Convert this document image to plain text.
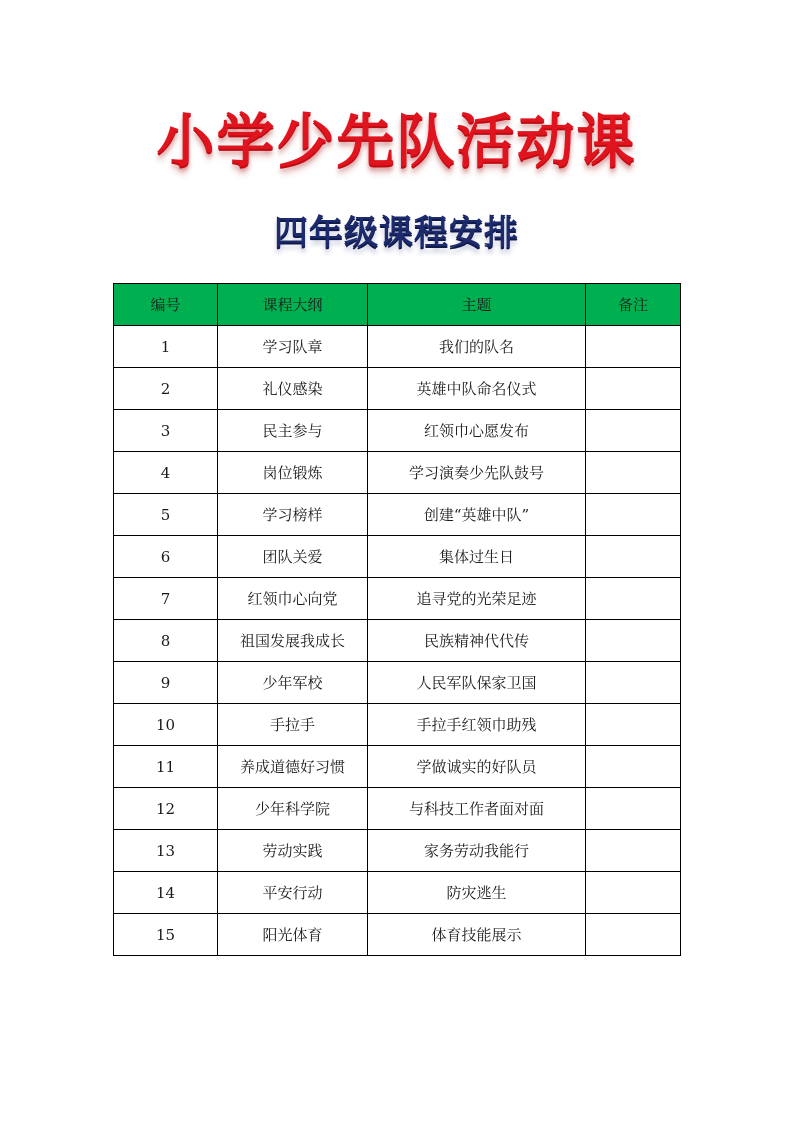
小学少先队活动课
四年级课程安排
编号	课程大纲	主题	备注
1	学习队章	我们的队名	
2	礼仪感染	英雄中队命名仪式	
3	民主参与	红领巾心愿发布	
4	岗位锻炼	学习演奏少先队鼓号	
5	学习榜样	创建“英雄中队”	
6	团队关爱	集体过生日	
7	红领巾心向党	追寻党的光荣足迹	
8	祖国发展我成长	民族精神代代传	
9	少年军校	人民军队保家卫国	
10	手拉手	手拉手红领巾助残	
11	养成道德好习惯	学做诚实的好队员	
12	少年科学院	与科技工作者面对面	
13	劳动实践	家务劳动我能行	
14	平安行动	防灾逃生	
15	阳光体育	体育技能展示	
